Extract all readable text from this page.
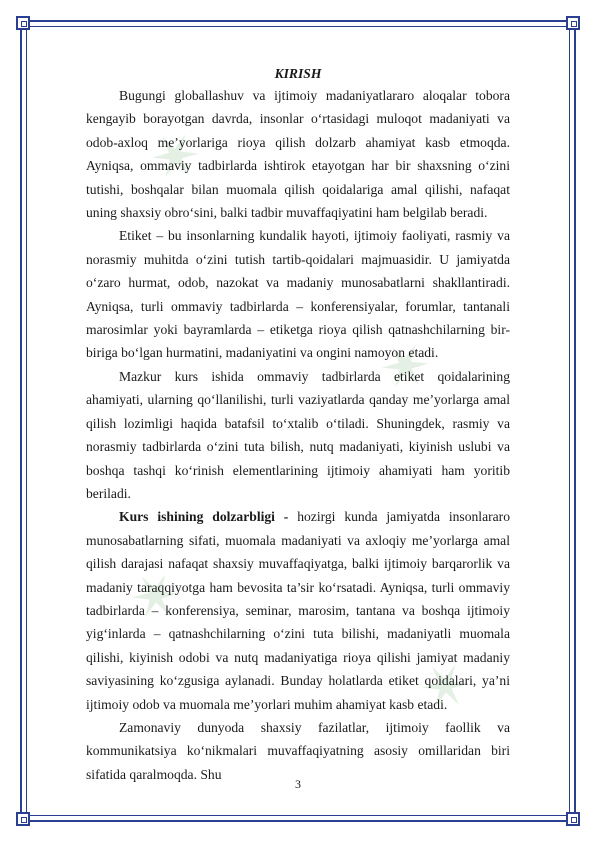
✶
✶
✶
✶
KIRISH

Bugungi globallashuv va ijtimoiy madaniyatlararo aloqalar tobora kengayib borayotgan davrda, insonlar o‘rtasidagi muloqot madaniyati va odob-axloq me’yorlariga rioya qilish dolzarb ahamiyat kasb etmoqda. Ayniqsa, ommaviy tadbirlarda ishtirok etayotgan har bir shaxsning o‘zini tutishi, boshqalar bilan muomala qilish qoidalariga amal qilishi, nafaqat uning shaxsiy obro‘sini, balki tadbir muvaffaqiyatini ham belgilab beradi.

Etiket – bu insonlarning kundalik hayoti, ijtimoiy faoliyati, rasmiy va norasmiy muhitda o‘zini tutish tartib-qoidalari majmuasidir. U jamiyatda o‘zaro hurmat, odob, nazokat va madaniy munosabatlarni shakllantiradi. Ayniqsa, turli ommaviy tadbirlarda – konferensiyalar, forumlar, tantanali marosimlar yoki bayramlarda – etiketga rioya qilish qatnashchilarning bir-biriga bo‘lgan hurmatini, madaniyatini va ongini namoyon etadi.

Mazkur kurs ishida ommaviy tadbirlarda etiket qoidalarining ahamiyati, ularning qo‘llanilishi, turli vaziyatlarda qanday me’yorlarga amal qilish lozimligi haqida batafsil to‘xtalib o‘tiladi. Shuningdek, rasmiy va norasmiy tadbirlarda o‘zini tuta bilish, nutq madaniyati, kiyinish uslubi va boshqa tashqi ko‘rinish elementlarining ijtimoiy ahamiyati ham yoritib beriladi.

Kurs ishining dolzarbligi - hozirgi kunda jamiyatda insonlararo munosabatlarning sifati, muomala madaniyati va axloqiy me’yorlarga amal qilish darajasi nafaqat shaxsiy muvaffaqiyatga, balki ijtimoiy barqarorlik va madaniy taraqqiyotga ham bevosita ta’sir ko‘rsatadi. Ayniqsa, turli ommaviy tadbirlarda – konferensiya, seminar, marosim, tantana va boshqa ijtimoiy yig‘inlarda – qatnashchilarning o‘zini tuta bilishi, madaniyatli muomala qilishi, kiyinish odobi va nutq madaniyatiga rioya qilishi jamiyat madaniy saviyasining ko‘zgusiga aylanadi. Bunday holatlarda etiket qoidalari, ya’ni ijtimoiy odob va muomala me’yorlari muhim ahamiyat kasb etadi.

Zamonaviy dunyoda shaxsiy fazilatlar, ijtimoiy faollik va kommunikatsiya ko‘nikmalari muvaffaqiyatning asosiy omillaridan biri sifatida qaralmoqda. Shu

3
